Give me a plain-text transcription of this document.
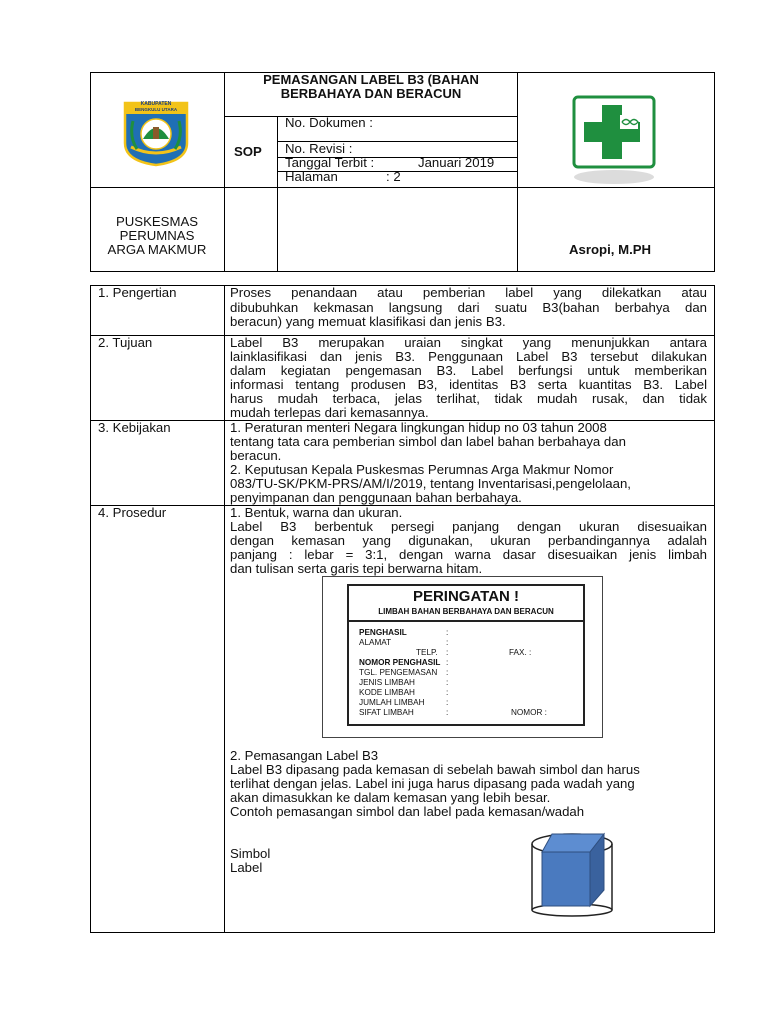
KABUPATEN
BENGKULU UTARA
PEMASANGAN LABEL B3 (BAHAN
BERBAHAYA DAN BERACUN
SOP
No. Dokumen :
No. Revisi :
Tanggal Terbit :	Januari 2019
Halaman	: 2
PUSKESMAS
PERUMNAS
ARGA MAKMUR	Asropi, M.PH
1. Pengertian	Proses penandaan atau pemberian label yang dilekatkan atau
dibubuhkan kekmasan langsung dari suatu B3(bahan berbahya dan
beracun) yang memuat klasifikasi dan jenis B3.
2. Tujuan	Label B3 merupakan uraian singkat yang menunjukkan antara
lainklasifikasi dan jenis B3. Penggunaan Label B3 tersebut dilakukan
dalam kegiatan pengemasan B3. Label berfungsi untuk memberikan
informasi tentang produsen B3, identitas B3 serta kuantitas B3. Label
harus mudah terbaca, jelas terlihat, tidak mudah rusak, dan tidak
mudah terlepas dari kemasannya.
3. Kebijakan	1. Peraturan menteri Negara lingkungan hidup no 03 tahun 2008
tentang tata cara pemberian simbol dan label bahan berbahaya dan
beracun.
2. Keputusan Kepala Puskesmas Perumnas Arga Makmur Nomor
083/TU-SK/PKM-PRS/AM/I/2019, tentang Inventarisasi,pengelolaan,
penyimpanan dan penggunaan bahan berbahaya.
4. Prosedur	1. Bentuk, warna dan ukuran.
Label B3 berbentuk persegi panjang dengan ukuran disesuaikan
dengan kemasan yang digunakan, ukuran perbandingannya adalah
panjang : lebar = 3:1, dengan warna dasar disesuaikan jenis limbah
dan tulisan serta garis tepi berwarna hitam.
PERINGATAN !
LIMBAH BAHAN BERBAHAYA DAN BERACUN
PENGHASIL	:
ALAMAT	:
TELP. :	FAX. :
NOMOR PENGHASIL :
TGL. PENGEMASAN :
JENIS LIMBAH	:
KODE LIMBAH	:
JUMLAH LIMBAH	:
SIFAT LIMBAH	:	NOMOR :
2. Pemasangan Label B3
Label B3 dipasang pada kemasan di sebelah bawah simbol dan harus
terlihat dengan jelas. Label ini juga harus dipasang pada wadah yang
akan dimasukkan ke dalam kemasan yang lebih besar.
Contoh pemasangan simbol dan label pada kemasan/wadah
Simbol
Label
